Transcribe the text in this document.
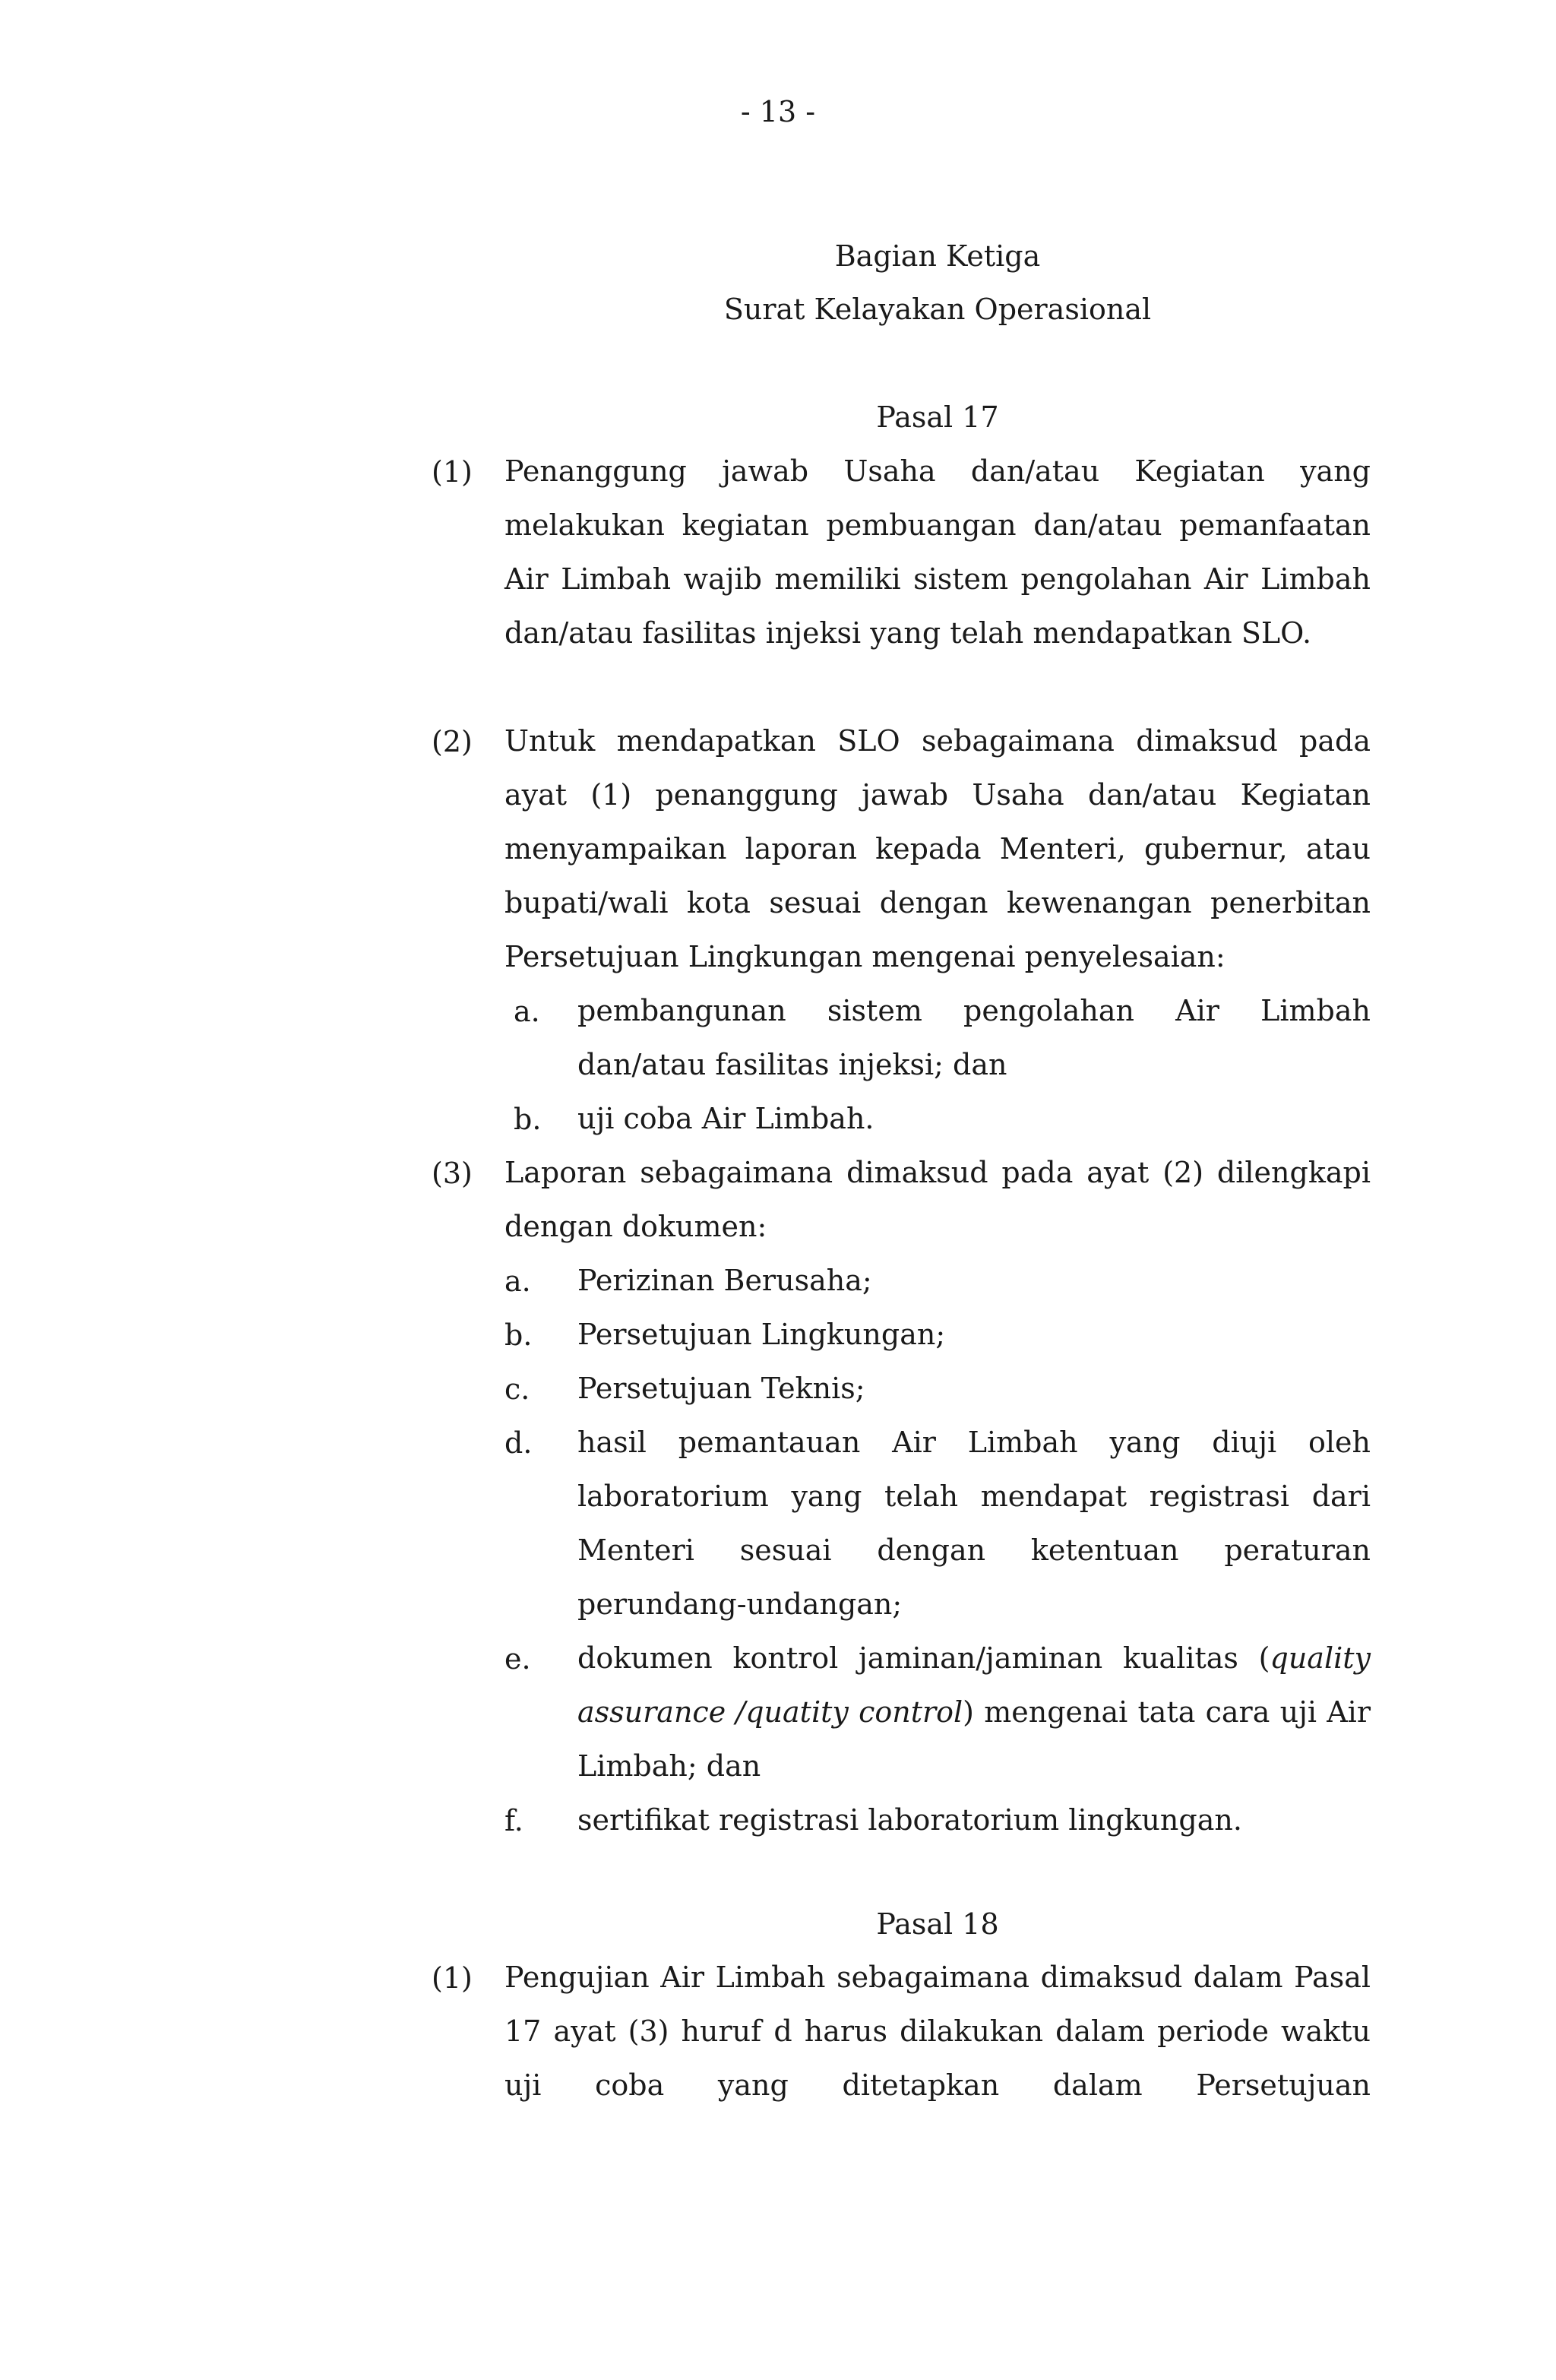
- 13 -
Bagian Ketiga
Surat Kelayakan Operasional
Pasal 17
(1) Penanggung jawab Usaha dan/atau Kegiatan yang melakukan kegiatan pembuangan dan/atau pemanfaatan Air Limbah wajib memiliki sistem pengolahan Air Limbah dan/atau fasilitas injeksi yang telah mendapatkan SLO.

(2) Untuk mendapatkan SLO sebagaimana dimaksud pada ayat (1) penanggung jawab Usaha dan/atau Kegiatan menyampaikan laporan kepada Menteri, gubernur, atau bupati/wali kota sesuai dengan kewenangan penerbitan Persetujuan Lingkungan mengenai penyelesaian:

a. pembangunan sistem pengolahan Air Limbah dan/atau fasilitas injeksi; dan

b. uji coba Air Limbah.

(3) Laporan sebagaimana dimaksud pada ayat (2) dilengkapi dengan dokumen:

a. Perizinan Berusaha;

b. Persetujuan Lingkungan;

c. Persetujuan Teknis;

d. hasil pemantauan Air Limbah yang diuji oleh laboratorium yang telah mendapat registrasi dari Menteri sesuai dengan ketentuan peraturan perundang-undangan;

e. dokumen kontrol jaminan/jaminan kualitas (quality assurance /quatity control) mengenai tata cara uji Air Limbah; dan

f. sertifikat registrasi laboratorium lingkungan.

Pasal 18
(1) Pengujian Air Limbah sebagaimana dimaksud dalam Pasal 17 ayat (3) huruf d harus dilakukan dalam periode waktu uji coba yang ditetapkan dalam Persetujuan
